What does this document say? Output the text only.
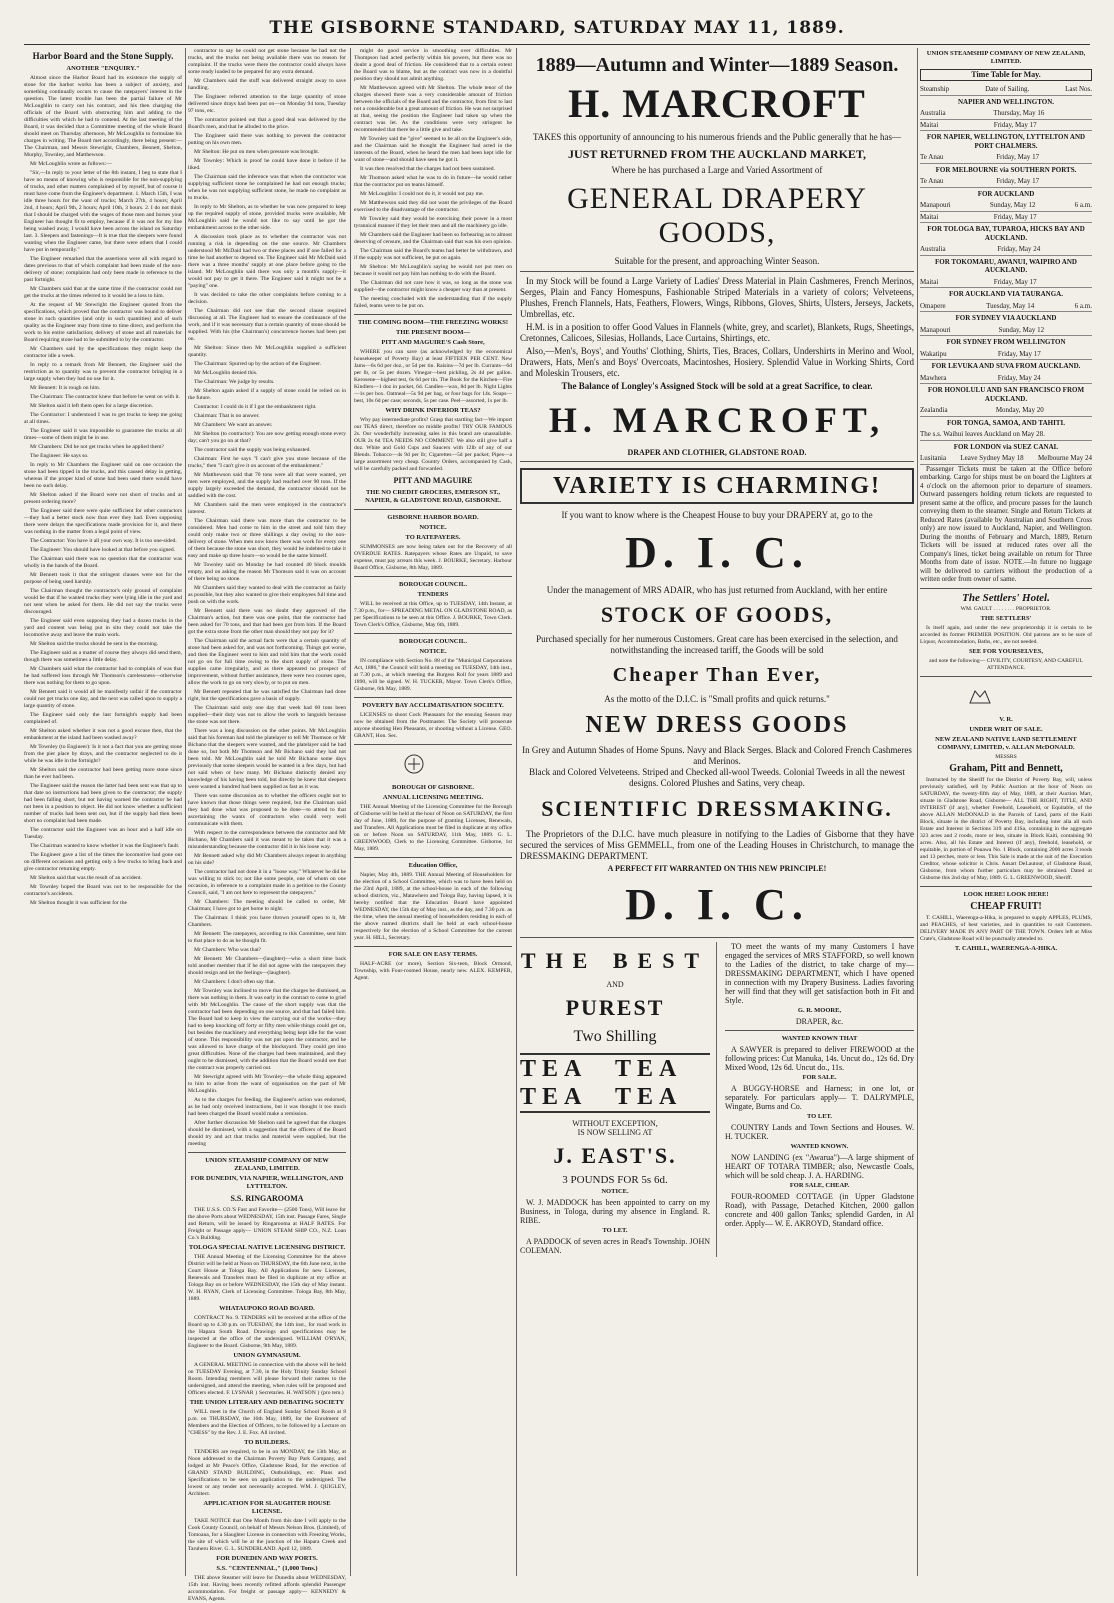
THE GISBORNE STANDARD, SATURDAY MAY 11, 1889.
Harbor Board and the Stone Supply.
ANOTHER "ENQUIRY."

Almost since the Harbor Board had its existence the supply of stone for the harbor works has been a subject of anxiety, and something continually occurs to cause the ratepayers' interest in the question. The latest trouble has been the partial failure of Mr McLoughlin to carry out his contract, and his then charging the officials of the Board with obstructing him and adding to the difficulties with which he had to contend. At the last meeting of the Board, it was decided that a Committee meeting of the whole Board should meet on Thursday afternoon, Mr McLoughlin to formulate his charges in writing. The Board met accordingly, there being present:—The Chairman, and Messrs Stewright, Chambers, Bennett, Shelton, Murphy, Townley, and Matthewson.

Mr McLoughlin wrote as follows:—

"Sir,—In reply to your letter of the 8th instant, I beg to state that I have no means of knowing who is responsible for the non-supplying of trucks, and other matters complained of by myself, but of course it must have come from the Engineer's department. 1. March 15th, I was idle three hours for the want of trucks; March 27th, 4 hours; April 2nd, 4 hours; April 9th, 2 hours; April 10th, 3 hours. 2. I do not think that I should be charged with the wages of those men and horses your Engineer has thought fit to employ, because if it was not for my line being washed away, I would have been across the island on Saturday last. 3. Sleepers and fastenings—It is true that the sleepers were found wanting when the Engineer came, but there were others that I could have put in temporarily."

The Engineer remarked that the assertions were all with regard to dates previous to that of which complaint had been made of the non-delivery of stone; complaints had only been made in reference to the past fortnight.

Mr Chambers said that at the same time if the contractor could not get the trucks at the times referred to it would be a loss to him.

At the request of Mr Stewright the Engineer quoted from the specifications, which proved that the contractor was bound to deliver stone in such quantities (and only in such quantities) and of such quality as the Engineer may from time to time direct, and perform the work to his entire satisfaction; delivery of stone and all materials for Board requiring stone had to be submitted to by the contractor.

Mr Chambers said by the specifications they might keep the contractor idle a week.

In reply to a remark from Mr Bennett, the Engineer said the restriction as to quantity was to prevent the contractor bringing in a large supply when they had no use for it.

Mr Bennett: It is rough on him.

The Chairman: The contractor knew that before he went on with it.

Mr Shelton said it left them open for a large discretion.

The Contractor: I understood I was to get trucks to keep me going at all times.

The Engineer said it was impossible to guarantee the trucks at all times—some of them might be in use.

Mr Chambers: Did he not get trucks when he applied them?

The Engineer: He says so.

In reply to Mr Chambers the Engineer said on one occasion the stone had been tipped in the trucks, and this caused delay in getting, whereas if the proper kind of stone had been used there would have been no such delay.

Mr Shelton asked if the Board were not short of trucks and at present ordering more?

The Engineer said there were quite sufficient for other contractors—they had a better stock now than ever they had. Even supposing there were delays the specifications made provision for it, and there was nothing in the matter from a legal point of view.

The Contractor: You have it all your own way. It is too one-sided.

The Engineer: You should have looked at that before you signed.

The Chairman said there was no question that the contractor was wholly in the hands of the Board.

Mr Bennett took it that the stringent clauses were not for the purpose of being used harshly.

The Chairman thought the contractor's only ground of complaint would be that if he wanted trucks they were lying idle in the yard and not sent when he asked for them. He did not say the trucks were discouraged.

The Engineer said even supposing they had a dozen trucks in the yard and content was being put in situ they could not take the locomotive away and leave the main work.

Mr Shelton said the trucks should be sent in the morning.

The Engineer said as a matter of course they always did send them, though there was sometimes a little delay.

Mr Chambers said what the contractor had to complain of was that he had suffered loss through Mr Thomson's carelessness—otherwise there was nothing for them to go upon.

Mr Bennett said it would all be manifestly unfair if the contractor could not get trucks one day, and the next was called upon to supply a large quantity of stone.

The Engineer said only the last fortnight's supply had been complained of.

Mr Shelton asked whether it was not a good excuse then, that the embankment at the island had been washed away?

Mr Townley (to Engineer): Is it not a fact that you are getting stone from the pier place by drays, and the contractor neglected to do it while he was idle in the fortnight?

Mr Shelton said the contractor had been getting more stone since than he ever had been.

The Engineer said the reason the latter had been sent was that up to that date no instructions had been given to the contractor; the supply had been falling short, but not having warned the contractor he had not been in a position to object. He did not know whether a sufficient number of trucks had been sent out, but if the supply had then been short no complaint had been made.

The contractor said the Engineer was an hour and a half idle on Tuesday.

The Chairman wanted to know whether it was the Engineer's fault.

The Engineer gave a list of the times the locomotive had gone out on different occasions and getting only a few trucks to bring back and give contractor returning empty.

Mr Shelton said that was the result of an accident.

Mr Townley hoped the Board was not to be responsible for the contractor's accidents.

Mr Shelton thought it was sufficient for the

contractor to say he could not get stone because he had not the trucks, and the trucks not being available there was no reason for complaint. If the trucks were there the contractor could always have some ready loaded to be prepared for any extra demand.

Mr Chambers said the stuff was delivered straight away to save handling.

The Engineer referred attention to the large quantity of stone delivered since drays had been put on—on Monday 94 tons, Tuesday 97 tons, etc.

The contractor pointed out that a good deal was delivered by the Board's men, and that he alluded to the price.

The Engineer said there was nothing to prevent the contractor putting on his own men.

Mr Shelton: He put on men when pressure was brought.

Mr Townley: Which is proof he could have done it before if he liked.

The Chairman said the inference was that when the contractor was supplying sufficient stone he complained he had not enough trucks; when he was not supplying sufficient stone, he made no complaint as to trucks.

In reply to Mr Shelton, as to whether he was now prepared to keep up the required supply of stone, provided trucks were available, Mr McLoughlin said he would not like to say until he got the embankment across to the other side.

A discussion took place as to whether the contractor was not running a risk in depending on the one source. Mr Chambers understood Mr McDaid had two or three places and if one failed for a time he had another to depend on. The Engineer said Mr McDaid said there was a three months' supply at one place before going to the island. Mr McLoughlin said there was only a month's supply—it would not pay to get it there. The Engineer said it might not be a "paying" one.

It was decided to take the other complaints before coming to a decision.

The Chairman did not see that the second clause required discussing at all. The Engineer had to ensure the continuance of the work, and if it was necessary that a certain quantity of stone should be supplied. With his (the Chairman's) concurrence horses had been put on.

Mr Shelton: Since then Mr McLoughlin supplied a sufficient quantity.

The Chairman: Spurred up by the action of the Engineer.

Mr McLoughlin denied this.

The Chairman: We judge by results.

Mr Shelton again asked if a supply of stone could be relied on in the future.

Contractor: I could do it if I got the embankment right.

Chairman: That is no answer.

Mr Chambers: We want an answer.

Mr Shelton (to contractor): You are now getting enough stone every day; can't you go on at that?

The contractor said the supply was being exhausted.

Chairman: First he says "I can't give you stone because of the trucks," then "I can't give it on account of the embankment."

Mr Matthewson said that 70 tons were all that were wanted, yet men were employed, and the supply had reached over 90 tons. If the supply largely exceeded the demand, the contractor should not be saddled with the cost.

Mr Chambers said the men were employed in the contractor's interest.

The Chairman said there was more than the contractor to be considered. Men had come to him in the street and told him they could only make two or three shillings a day owing to the non-delivery of stone. When men now know there was work for every one of them because the stone was short, they would be indebted to take it easy and make up three hours—so would be the same himself.

Mr Townley said on Monday he had counted 40 block moulds empty, and on asking the reason Mr Thomson said it was on account of there being no stone.

Mr Chambers said they wanted to deal with the contractor as fairly as possible, but they also wanted to give their employees full time and push on with the work.

Mr Bennett said there was no doubt they approved of the Chairman's action, but there was one point, that the contractor had been asked for 70 tons, and that had been got from him. If the Board got the extra stone from the other man should they not pay for it?

The Chairman said the actual facts were that a certain quantity of stone had been asked for, and was not forthcoming. Things got worse, and then the Engineer went to him and told him that the work could not go on for full time owing to the short supply of stone. The supplies came irregularly, and as there appeared no prospect of improvement, without further assistance, there were two courses open, allow the work to go on very slowly, or to put on men.

Mr Bennett repeated that he was satisfied the Chairman had done right, but the specifications gave a basis of supply.

The Chairman said only one day that week had 60 tons been supplied—their duty was not to allow the work to languish because the stone was not there.

There was a long discussion on the other points. Mr McLoughlin said that his foreman had told the platelayer to tell Mr Thomson or Mr Bichano that the sleepers were wanted, and the platelayer said he had done so, but both Mr Thomson and Mr Bichano said they had not been told. Mr McLoughlin said he told Mr Bichano some days previously that some sleepers would be wanted in a few days, but had not said when or how many. Mr Bichano distinctly denied any knowledge of his having been told, but directly he knew that sleepers were wanted a hundred had been supplied as fast as it was.

There was some discussion as to whether the officers ought not to have known that those things were required, but the Chairman said they had done what was proposed to be done—to attend to that ascertaining the wants of contractors who could very well communicate with them.

With respect to the correspondence between the contractor and Mr Bichano, Mr Chambers said it was meant to be taken that it was a misunderstanding because the contractor did it in his loose way.

Mr Bennett asked why did Mr Chambers always repeat in anything on his side?

The contractor had not done it in a "loose way." Whatever he did he was willing to stick to; not like some people, one of whom on one occasion, in reference to a complaint made in a petition to the County Council, said, "I am not here to represent the ratepayers."

Mr Chambers: The meeting should be called to order, Mr Chairman; I have got to get home to night.

The Chairman: I think you have thrown yourself open to it, Mr Chambers.

Mr Bennett: The ratepayers, according to this Committee, sent him to that place to do as he thought fit.

Mr Chambers: Who was that?

Mr Bennett: Mr Chambers—(laughter)—who a short time back told another member that if he did not agree with the ratepayers they should resign and let the feelings—(laughter).

Mr Chambers: I don't often say that.

Mr Townley was inclined to move that the charges be dismissed, as there was nothing in them. It was early in the contract to come to grief with Mr McLoughlin. The cause of the short supply was that the contractor had been depending on one source, and that had failed him. The Board had to keep in view the carrying out of the works—they had to keep knocking off forty or fifty men while things could get on, but besides the machinery and everything being kept idle for the want of stone. This responsibility was not put upon the contractor, and he was allowed to have charge of the blocksyard. They could get into great difficulties. None of the charges had been maintained, and they ought to be dismissed, with the addition that the Board would see that the contract was properly carried out.

Mr Stewright agreed with Mr Townley—the whole thing appeared to him to arise from the want of organisation on the part of Mr McLoughlin.

As to the charges for feeding, the Engineer's action was endorsed, as he had only received instructions, but it was thought it too much had been charged the Board would make a remission.

After further discussion Mr Shelton said he agreed that the charges should be dismissed, with a suggestion that the officers of the Board should try and act that trucks and material were supplied, but the meeting

UNION STEAMSHIP COMPANY OF NEW ZEALAND, LIMITED.
FOR DUNEDIN, VIA NAPIER, WELLINGTON, AND LYTTELTON.
S.S. RINGAROOMA

THE U.S.S. CO.'S Fast and Favorite— (2500 Tons), Will leave for the above Ports about WEDNESDAY, 15th inst. Passage Fares, Single and Return, will be issued by Ringarooma at HALF RATES. For Freight or Passage apply— UNION STEAM SHIP CO., N.Z. Loan Co.'s Building.

TOLOGA SPECIAL NATIVE LICENSING DISTRICT.

THE Annual Meeting of the Licensing Committee for the above District will be held at Noon on THURSDAY, the 6th June next, in the Court House at Tologa Bay. All Applications for new Licenses, Renewals and Transfers must be filed in duplicate at my office at Tologa Bay on or before WEDNESDAY, the 15th day of May instant. W. H. RYAN, Clerk of Licensing Committee. Tologa Bay, 8th May, 1889.

WHATAUPOKO ROAD BOARD.

CONTRACT No. 9. TENDERS will be received at the office of the Board up to 4.30 p.m. on TUESDAY, the 14th inst., for road work in the Hapara South Road. Drawings and specifications may be inspected at the office of the undersigned. WILLIAM O'RYAN, Engineer to the Board. Gisborne, 9th May, 1889.

UNION GYMNASIUM.

A GENERAL MEETING in connection with the above will be held on TUESDAY Evening, at 7.30, in the Holy Trinity Sunday School Room. Intending members will please forward their names to the undersigned, and attend the meeting, when rules will be proposed and Officers elected. F. LYSNAR } Secretaries. H. WATSON } (pro tem.)

THE UNION LITERARY AND DEBATING SOCIETY

WILL meet in the Church of England Sunday School Room at 8 p.m. on THURSDAY, the 16th May, 1889, for the Enrolment of Members and the Election of Officers, to be followed by a Lecture on "CHESS" by the Rev. J. E. Fox. All invited.

TO BUILDERS.

TENDERS are required, to be in on MONDAY, the 13th May, at Noon addressed to the Chairman Poverty Bay Park Company, and lodged at Mr Peace's Office, Gladstone Road, for the erection of GRAND STAND BUILDING, Outbuildings, etc. Plans and Specifications to be seen on application to the undersigned. The lowest or any tender not necessarily accepted. WM. J. QUIGLEY, Architect.

APPLICATION FOR SLAUGHTER HOUSE LICENSE.

TAKE NOTICE that One Month from this date I will apply to the Cook County Council, on behalf of Messrs Nelson Bros. (Limited), of Tomoana, for a Slaughter License in connection with Freezing Works, the site of which will be at the junction of the Hapara Creek and Taruheru River. G. L. SUNDERLAND. April 12, 1889.

FOR DUNEDIN AND WAY PORTS.
S.S. "CENTENNIAL," (1,000 Tons.)

THE above Steamer will leave for Dunedin about WEDNESDAY, 15th inst. Having been recently refitted affords splendid Passenger accommodation. For freight or passage apply— KENNEDY & EVANS, Agents.

might do good service in smoothing over difficulties. Mr Thompson had acted perfectly within his powers, but there was no doubt a good deal of friction. He considered that to a certain extent the Board was to blame, but as the contract was now in a doubtful position they should not admit anything.

Mr Matthewson agreed with Mr Shelton. The whole tenor of the charges showed there was a very considerable amount of friction between the officials of the Board and the contractor, from first to last not a considerable but a great amount of friction. He was not surprised at that, seeing the position the Engineer had taken up when the contract was let. As the conditions were very stringent he recommended that there be a little give and take.

Mr Townley said the "give" seemed to be all on the Engineer's side, and the Chairman said he thought the Engineer had acted in the interests of the Board, when he heard the men had been kept idle for want of stone—and should have seen he got it.

It was then resolved that the charges had not been sustained.

Mr Thomson asked what he was to do in future—he would rather that the contractor put on teams himself.

Mr McLoughlin: I could not do it, it would not pay me.

Mr Matthewson said they did not want the privileges of the Board exercised to the disadvantage of the contractor.

Mr Townley said they would be exercising their power in a most tyrannical manner if they let their men and all the machinery go idle.

Mr Chambers said the Engineer had been so forbearing as to almost deserving of censure, and the Chairman said that was his own opinion.

The Chairman said the Board's teams had better be withdrawn, and if the supply was not sufficient, be put on again.

Mr Shelton: Mr McLoughlin's saying he would not put men on because it would not pay him has nothing to do with the Board.

The Chairman did not care how it was, so long as the stone was supplied—the contractor might know a cheaper way than at present.

The meeting concluded with the understanding that if the supply failed, teams were to be put on.

THE COMING BOOM—THE FREEZING WORKS!
THE PRESENT BOOM—
PITT AND MAGUIRE'S Cash Store,

WHERE you can save (as acknowledged by the economical housekeeper of Poverty Bay) at least FIFTEEN PER CENT. New Jams—6s 6d per doz., or 5d per tin. Raisins—7d per lb. Currants—6d per lb, or 5s per dozen. Vinegar—best pickling, 2s 4d per gallon. Kerosene—highest test, 6s 6d per tin. The Book for the Kitchen—Fire Kindlers—1 doz in packet, 6d. Candles—wax, 8d per lb. Night Lights—1s per box. Oatmeal—5s 9d per bag, or four bags for 14s. Soaps—best, 10s 6d per case; seconds, 5s per case. Peel—assorted, 1s per lb.

WHY DRINK INFERIOR TEAS?

Why pay intermediate profits? Grasp that startling fact—We import our TEAS direct, therefore no middle profits! TRY OUR FAMOUS 2s. Our wonderfully increasing sales in this brand are unassailable. OUR 2s 6d TEA NEEDS NO COMMENT. We also still give half a doz. White and Gold Cups and Saucers with 12lb of any of our Blends. Tobacco—4s 9d per lb; Cigarettes—5d per packet; Pipes—a large assortment very cheap. Country Orders, accompanied by Cash, will be carefully packed and forwarded.

PITT AND MAGUIRE
THE NO CREDIT GROCERS, EMERSON ST., NAPIER, & GLADSTONE ROAD, GISBORNE.
GISBORNE HARBOR BOARD.
NOTICE.
TO RATEPAYERS.

SUMMONSES are now being taken out for the Recovery of all OVERDUE RATES. Ratepayers whose Rates are Unpaid, to save expense, must pay arrears this week. J. BOURKE, Secretary. Harbour Board Office, Gisborne, 8th May, 1889.

BOROUGH COUNCIL.
TENDERS

WILL be received at this Office, up to TUESDAY, 14th Instant, at 7.30 p.m., for— SPREADING METAL ON GLADSTONE ROAD, as per Specifications to be seen at this Office. J. BOURKE, Town Clerk. Town Clerk's Office, Gisborne, May 6th, 1889.

BOROUGH COUNCIL.
NOTICE.

IN compliance with Section No. 88 of the "Municipal Corporations Act, 1886," the Council will hold a meeting on TUESDAY, 14th inst., at 7.30 p.m., at which meeting the Burgess Roll for years 1889 and 1890, will be signed. W. H. TUCKER, Mayor. Town Clerk's Office, Gisborne, 6th May, 1889.

POVERTY BAY ACCLIMATISATION SOCIETY.

LICENSES to shoot Cock Pheasants for the ensuing Season may now be obtained from the Postmaster. The Society will prosecute anyone shooting Hen Pheasants, or shooting without a License. GEO. GRANT, Hon. Sec.

BOROUGH OF GISBORNE.
ANNUAL LICENSING MEETING.

THE Annual Meeting of the Licensing Committee for the Borough of Gisborne will be held at the hour of Noon on SATURDAY, the first day of June, 1889, for the purpose of granting Licenses, Renewals, and Transfers. All Applications must be filed in duplicate at my office on or before Noon on SATURDAY, 11th May, 1889. G. L. GREENWOOD, Clerk to the Licensing Committee. Gisborne, 1st May, 1889.

Education Office,

Napier, May 4th, 1889. THE Annual Meeting of Householders for the election of a School Committee, which was to have been held on the 23rd April, 1889, at the school-house in each of the following school districts, viz., Matawhero and Tologa Bay, having lapsed, it is hereby notified that the Education Board have appointed WEDNESDAY, the 15th day of May inst., as the day, and 7.30 p.m. as the time, when the annual meeting of householders residing in each of the above named districts shall be held at each school-house respectively for the election of a School Committee for the current year. H. HILL, Secretary.

FOR SALE ON EASY TERMS.

HALF-ACRE (or more), Section Six-teen, Block Ormond, Township, with Four-roomed House, nearly new. ALEX. KEMPER, Agent.

1889—Autumn and Winter—1889 Season.
H. MARCROFT
TAKES this opportunity of announcing to his numerous friends and the Public generally that he has—
JUST RETURNED FROM THE AUCKLAND MARKET,
Where he has purchased a Large and Varied Assortment of
GENERAL DRAPERY GOODS,
Suitable for the present, and approaching Winter Season.

In my Stock will be found a Large Variety of Ladies' Dress Material in Plain Cashmeres, French Merinos, Serges, Plain and Fancy Homespuns, Fashionable Striped Materials in a variety of colors; Velveteens, Plushes, French Flannels, Hats, Feathers, Flowers, Wings, Ribbons, Gloves, Shirts, Ulsters, Jerseys, Jackets, Umbrellas, etc.

H.M. is in a position to offer Good Values in Flannels (white, grey, and scarlet), Blankets, Rugs, Sheetings, Cretonnes, Calicoes, Silesias, Hollands, Lace Curtains, Shirtings, etc.

Also,—Men's, Boys', and Youths' Clothing, Shirts, Ties, Braces, Collars, Undershirts in Merino and Wool, Drawers, Hats, Men's and Boys' Overcoats, Macintoshes, Hosiery. Splendid Value in Working Shirts, Cord and Moleskin Trousers, etc.

The Balance of Longley's Assigned Stock will be sold at a great Sacrifice, to clear.
H. MARCROFT,
DRAPER AND CLOTHIER, GLADSTONE ROAD.
VARIETY IS CHARMING!
If you want to know where is the Cheapest House to buy your DRAPERY at, go to the
D. I. C.
Under the management of MRS ADAIR, who has just returned from Auckland, with her entire
STOCK OF GOODS,
Purchased specially for her numerous Customers. Great care has been exercised in the selection, and notwithstanding the increased tariff, the Goods will be sold
Cheaper Than Ever,
As the motto of the D.I.C. is "Small profits and quick returns."
NEW DRESS GOODS
In Grey and Autumn Shades of Home Spuns. Navy and Black Serges. Black and Colored French Cashmeres and Merinos.
Black and Colored Velveteens. Striped and Checked all-wool Tweeds. Colonial Tweeds in all the newest designs. Colored Plushes and Satins, very cheap.
SCIENTIFIC DRESSMAKING.

The Proprietors of the D.I.C. have much pleasure in notifying to the Ladies of Gisborne that they have secured the services of Miss GEMMELL, from one of the Leading Houses in Christchurch, to manage the DRESSMAKING DEPARTMENT.

A PERFECT FIT WARRANTED ON THIS NEW PRINCIPLE!
D. I. C.
THE BEST
AND
PUREST
Two Shilling
TEA	TEA
TEA	TEA
WITHOUT EXCEPTION,
IS NOW SELLING AT
J. EAST'S.
3 POUNDS FOR 5s 6d.
NOTICE.

W. J. MADDOCK has been appointed to carry on my Business, in Tologa, during my absence in England. R. RIBE.

TO LET.

A PADDOCK of seven acres in Read's Township. JOHN COLEMAN.

TO meet the wants of my many Customers I have engaged the services of MRS STAFFORD, so well known to the Ladies of the district, to take charge of my— DRESSMAKING DEPARTMENT, which I have opened in connection with my Drapery Business. Ladies favoring her will find that they will get satisfaction both in Fit and Style.

G. R. MOORE,
DRAPER, &c.
WANTED KNOWN THAT

A SAWYER is prepared to deliver FIREWOOD at the following prices: Cut Manuka, 14s. Uncut do., 12s 6d. Dry Mixed Wood, 12s 6d. Uncut do., 11s.

FOR SALE.

A BUGGY-HORSE and Harness; in one lot, or separately. For particulars apply— T. DALRYMPLE, Wingate, Burns and Co.

TO LET.

COUNTRY Lands and Town Sections and Houses. W. H. TUCKER.

WANTED KNOWN.

NOW LANDING (ex "Awarua")—A large shipment of HEART OF TOTARA TIMBER; also, Newcastle Coals, which will be sold cheap. J. A. HARDING.

FOR SALE, CHEAP.

FOUR-ROOMED COTTAGE (in Upper Gladstone Road), with Passage, Detached Kitchen, 2000 gallon concrete and 400 gallon Tanks; splendid Garden, in Al order. Apply— W. E. AKROYD, Standard office.

UNION STEAMSHIP COMPANY OF NEW ZEALAND, LIMITED.
Time Table for May.
Steamship	Date of Sailing.	Last Nos.
NAPIER AND WELLINGTON.
Australia	Thursday, May 16
Maitai	Friday, May 17
FOR NAPIER, WELLINGTON, LYTTELTON AND PORT CHALMERS.
Te Anau	Friday, May 17
FOR MELBOURNE via SOUTHERN PORTS.
Te Anau	Friday, May 17
FOR AUCKLAND
Manapouri	Sunday, May 12	6 a.m.
Maitai	Friday, May 17
FOR TOLOGA BAY, TUPAROA, HICKS BAY AND AUCKLAND.
Australia	Friday, May 24
FOR TOKOMARU, AWANUI, WAIPIRO AND AUCKLAND.
Maitai	Friday, May 17
FOR AUCKLAND VIA TAURANGA.
Omapere	Tuesday, May 14	6 a.m.
FOR SYDNEY VIA AUCKLAND
Manapouri	Sunday, May 12
FOR SYDNEY FROM WELLINGTON
Wakatipu	Friday, May 17
FOR LEVUKA AND SUVA FROM AUCKLAND.
Mawhera	Friday, May 24
FOR HONOLULU AND SAN FRANCISCO FROM AUCKLAND.
Zealandia	Monday, May 20
FOR TONGA, SAMOA, AND TAHITI.
The s.s. Waihui leaves Auckland on May 28.
FOR LONDON via SUEZ CANAL
Lusitania Leave Sydney May 18 Melbourne May 24

Passenger Tickets must be taken at the Office before embarking. Cargo for ships must be on board the Lighters at 4 o'clock on the afternoon prior to departure of steamers. Outward passengers holding return tickets are requested to present same at the office, and procure passes for the launch conveying them to the steamer. Single and Return Tickets at Reduced Rates (available by Australian and Southern Cross only) are now issued to Auckland, Napier, and Wellington. During the months of February and March, 1889, Return Tickets will be issued at reduced rates over all the Company's lines, ticket being available on return for Three Months from date of issue. NOTE.—In future no luggage will be delivered to carriers without the production of a written order from owner of same.

The Settlers' Hotel.
WM. GAULT . . . . . . . . PROPRIETOR.
THE SETTLERS'

Is itself again, and under the new proprietorship it is certain to be accorded its former PREMIER POSITION. Old patrons are to be sure of Liquor, Accommodation, Baths, etc., are not needed.

SEE FOR YOURSELVES,
and note the following— CIVILITY, COURTESY, AND CAREFUL ATTENDANCE.
V. R.
UNDER WRIT OF SALE.
NEW ZEALAND NATIVE LAND SETTLEMENT COMPANY, LIMITED, v. ALLAN McDONALD.
MESSRS
Graham, Pitt and Bennett,

Instructed by the Sheriff for the District of Poverty Bay, will, unless previously satisfied, sell by Public Auction at the hour of Noon on SATURDAY, the twenty-fifth day of May, 1889, at their Auction Mart, situate in Gladstone Road, Gisborne— ALL THE RIGHT, TITLE, AND INTEREST (if any), whether Freehold, Leasehold, or Equitable, of the above ALLAN McDONALD in the Parcels of Land, parts of the Kaiti Block, situate in the district of Poverty Bay, including inter alia all such Estate and Interest in Sections 319 and 41Sa, containing in the aggregate 323 acres and 2 roods, more or less, situate in Block Kaiti, containing 90 acres. Also, all his Estate and Interest (if any), freehold, leasehold, or equitable, in portion of Pouawa No. 1 Block, containing 2000 acres 3 roods and 13 perches, more or less. This Sale is made at the suit of the Execution Creditor, whose solicitor is Chris. Ansart DeLautour, of Gladstone Road, Gisborne, from whom further particulars may be obtained. Dated at Gisborne this 2nd day of May, 1889. G. L. GREENWOOD, Sheriff.

LOOK HERE! LOOK HERE!
CHEAP FRUIT!

T. CAHILL, Waerenga-a-Hika, is prepared to supply APPLES, PLUMS, and PEACHES, of best varieties, and in quantities to suit Customers. DELIVERY MADE IN ANY PART OF THE TOWN. Orders left at Miss Crate's, Gladstone Road will be punctually attended to.

T. CAHILL, WAERENGA-A-HIKA.
